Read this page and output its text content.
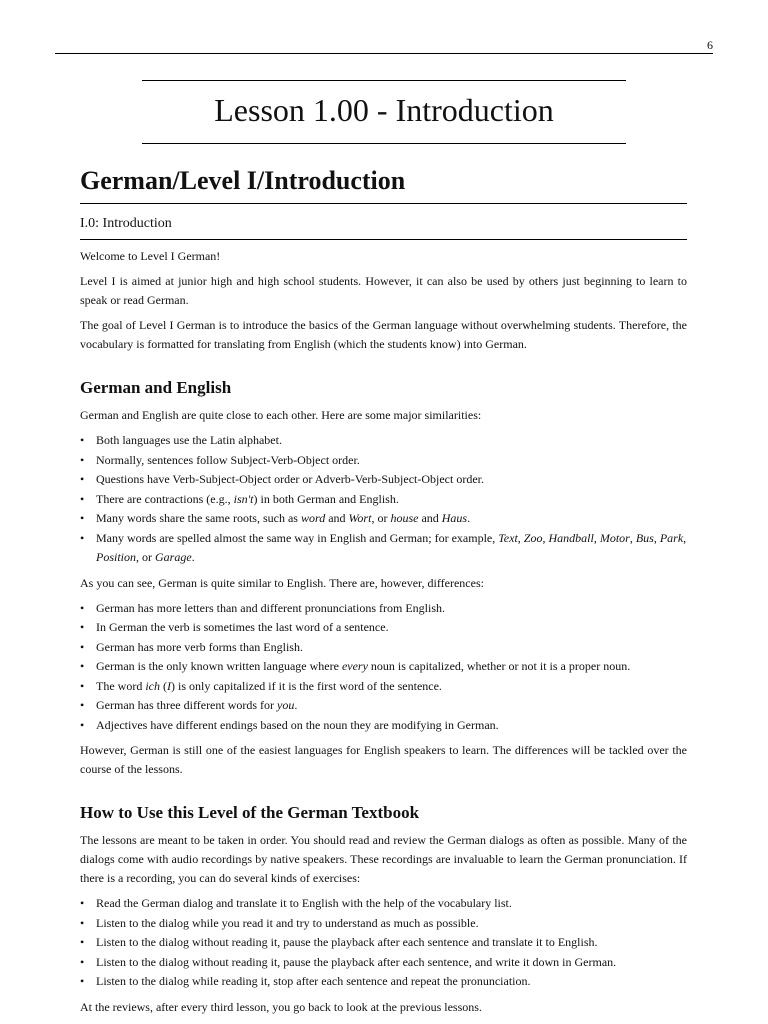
6
Lesson 1.00 - Introduction
German/Level I/Introduction
I.0: Introduction

Welcome to Level I German!

Level I is aimed at junior high and high school students. However, it can also be used by others just beginning to learn to speak or read German.

The goal of Level I German is to introduce the basics of the German language without overwhelming students. Therefore, the vocabulary is formatted for translating from English (which the students know) into German.

German and English

German and English are quite close to each other. Here are some major similarities:

• Both languages use the Latin alphabet.
• Normally, sentences follow Subject-Verb-Object order.
• Questions have Verb-Subject-Object order or Adverb-Verb-Subject-Object order.
• There are contractions (e.g., isn't) in both German and English.
• Many words share the same roots, such as word and Wort, or house and Haus.
• Many words are spelled almost the same way in English and German; for example, Text, Zoo, Handball, Motor, Bus, Park, Position, or Garage.

As you can see, German is quite similar to English. There are, however, differences:

• German has more letters than and different pronunciations from English.
• In German the verb is sometimes the last word of a sentence.
• German has more verb forms than English.
• German is the only known written language where every noun is capitalized, whether or not it is a proper noun.
• The word ich (I) is only capitalized if it is the first word of the sentence.
• German has three different words for you.
• Adjectives have different endings based on the noun they are modifying in German.

However, German is still one of the easiest languages for English speakers to learn. The differences will be tackled over the course of the lessons.

How to Use this Level of the German Textbook

The lessons are meant to be taken in order. You should read and review the German dialogs as often as possible. Many of the dialogs come with audio recordings by native speakers. These recordings are invaluable to learn the German pronunciation. If there is a recording, you can do several kinds of exercises:

• Read the German dialog and translate it to English with the help of the vocabulary list.
• Listen to the dialog while you read it and try to understand as much as possible.
• Listen to the dialog without reading it, pause the playback after each sentence and translate it to English.
• Listen to the dialog without reading it, pause the playback after each sentence, and write it down in German.
• Listen to the dialog while reading it, stop after each sentence and repeat the pronunciation.

At the reviews, after every third lesson, you go back to look at the previous lessons.
